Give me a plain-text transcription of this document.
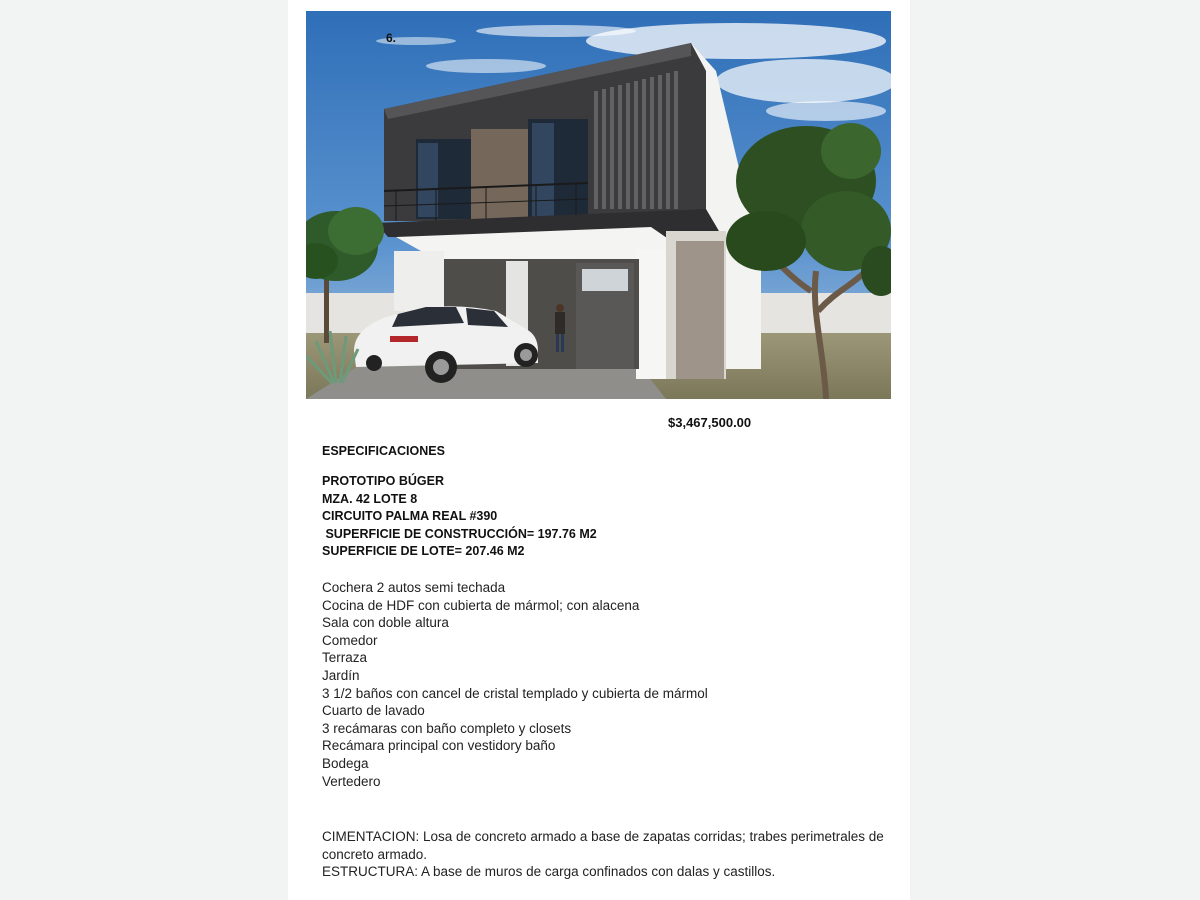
6.
$3,467,500.00
ESPECIFICACIONES
PROTOTIPO BÚGER
MZA. 42 LOTE 8
CIRCUITO PALMA REAL #390
SUPERFICIE DE CONSTRUCCIÓN= 197.76 M2
SUPERFICIE DE LOTE= 207.46 M2
Cochera 2 autos semi techada
Cocina de HDF con cubierta de mármol; con alacena
Sala con doble altura
Comedor
Terraza
Jardín
3 1/2 baños con cancel de cristal templado y cubierta de mármol
Cuarto de lavado
3 recámaras con baño completo y closets
Recámara principal con vestidory baño
Bodega
Vertedero

CIMENTACION: Losa de concreto armado a base de zapatas corridas; trabes perimetrales de concreto armado.

ESTRUCTURA: A base de muros de carga confinados con dalas y castillos.
